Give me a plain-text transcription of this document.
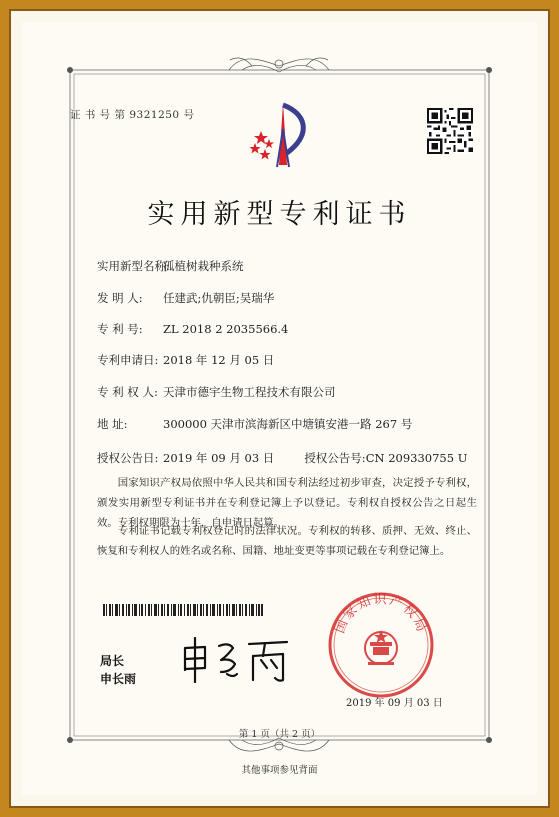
证 书 号 第 9321250 号
实用新型专利证书
实用新型名称:孤植树栽种系统
发 明 人: 任建武;仇朝臣;吴瑞华
专 利 号: ZL 2018 2 2035566.4
专利申请日: 2018 年 12 月 05 日
专 利 权 人: 天津市德宇生物工程技术有限公司
地 址:	300000 天津市滨海新区中塘镇安港一路 267 号
授权公告日: 2019 年 09 月 03 日	授权公告号:CN 209330755 U
国家知识产权局依照中华人民共和国专利法经过初步审查，决定授予专利权，颁发实用新型专利证书并在专利登记簿上予以登记。专利权自授权公告之日起生效。专利权期限为十年，自申请日起算。
专利证书记载专利权登记时的法律状况。专利权的转移、质押、无效、终止、恢复和专利权人的姓名或名称、国籍、地址变更等事项记载在专利登记簿上。
局长
申长雨
国家知识产权局
2019 年 09 月 03 日
第 1 页（共 2 页）
其他事项参见背面
